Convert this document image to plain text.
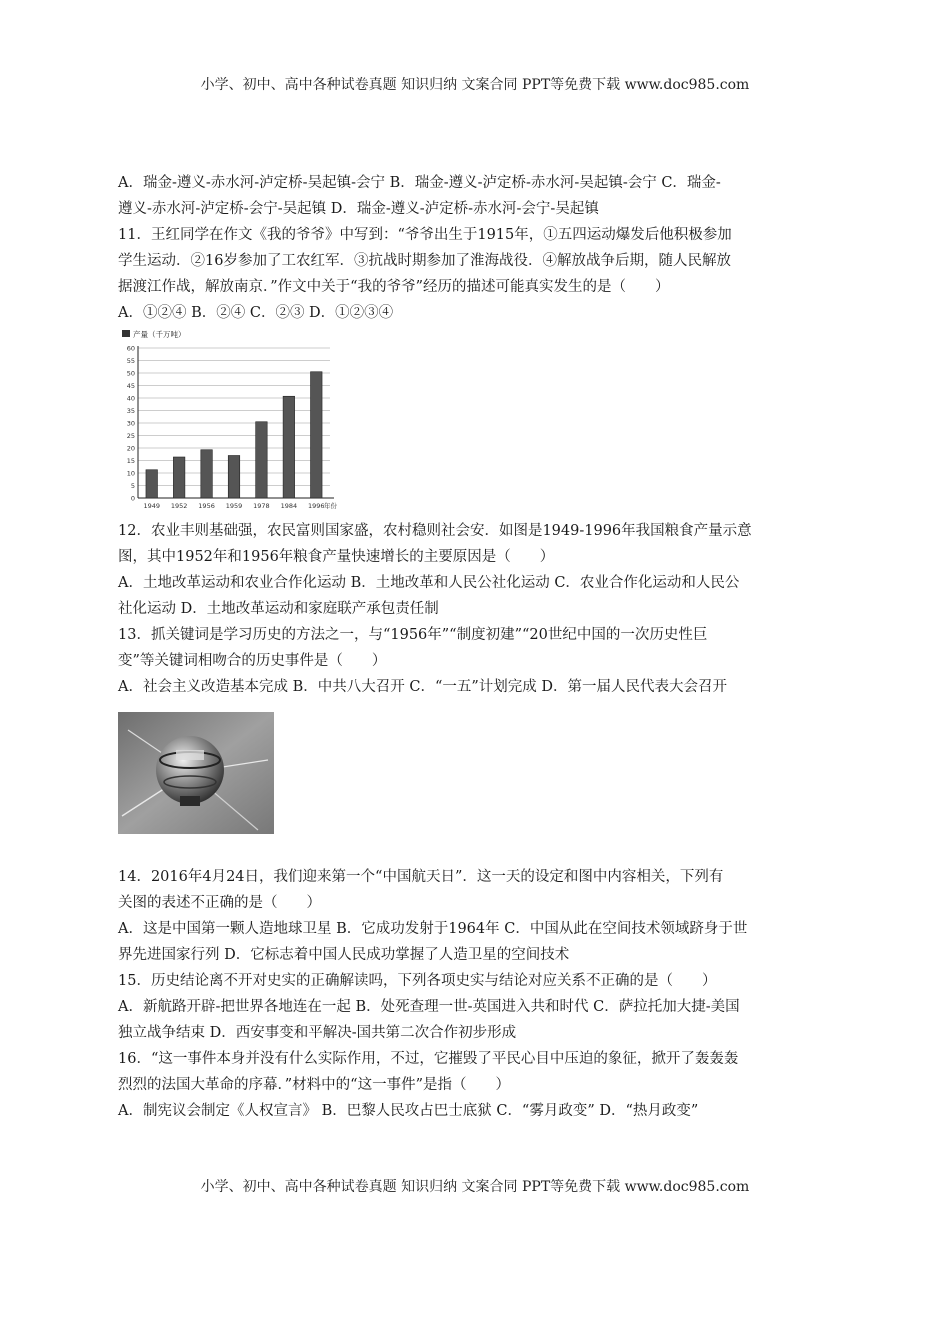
小学、初中、高中各种试卷真题 知识归纳 文案合同 PPT等免费下载 www.doc985.com

A．瑞金-遵义-赤水河-泸定桥-吴起镇-会宁 B．瑞金-遵义-泸定桥-赤水河-吴起镇-会宁 C．瑞金-

遵义-赤水河-泸定桥-会宁-吴起镇 D．瑞金-遵义-泸定桥-赤水河-会宁-吴起镇

11．王红同学在作文《我的爷爷》中写到：“爷爷出生于1915年，①五四运动爆发后他积极参加

学生运动．②16岁参加了工农红军．③抗战时期参加了淮海战役．④解放战争后期，随人民解放

据渡江作战，解放南京．”作文中关于“我的爷爷”经历的描述可能真实发生的是（　　）

A．①②④ B．②④ C．②③ D．①②③④

产量（千万吨）
0
5
10
15
20
25
30
35
40
45
50
55
60
1949 1952 1956 1959 1978 1984 1996 年份

12．农业丰则基础强，农民富则国家盛，农村稳则社会安．如图是1949-1996年我国粮食产量示意

图，其中1952年和1956年粮食产量快速增长的主要原因是（　　）

A．土地改革运动和农业合作化运动 B．土地改革和人民公社化运动 C．农业合作化运动和人民公

社化运动 D．土地改革运动和家庭联产承包责任制

13．抓关键词是学习历史的方法之一，与“1956年”“制度初建”“20世纪中国的一次历史性巨

变”等关键词相吻合的历史事件是（　　）

A．社会主义改造基本完成 B．中共八大召开 C．“一五”计划完成 D．第一届人民代表大会召开

14．2016年4月24日，我们迎来第一个“中国航天日”．这一天的设定和图中内容相关，下列有

关图的表述不正确的是（　　）

A．这是中国第一颗人造地球卫星 B．它成功发射于1964年 C．中国从此在空间技术领域跻身于世

界先进国家行列 D．它标志着中国人民成功掌握了人造卫星的空间技术

15．历史结论离不开对史实的正确解读吗，下列各项史实与结论对应关系不正确的是（　　）

A．新航路开辟-把世界各地连在一起 B．处死查理一世-英国进入共和时代 C．萨拉托加大捷-美国

独立战争结束 D．西安事变和平解决-国共第二次合作初步形成

16．“这一事件本身并没有什么实际作用，不过，它摧毁了平民心目中压迫的象征，掀开了轰轰轰

烈烈的法国大革命的序幕．”材料中的“这一事件”是指（　　）

A．制宪议会制定《人权宣言》 B．巴黎人民攻占巴士底狱 C．“雾月政变” D．“热月政变”

小学、初中、高中各种试卷真题 知识归纳 文案合同 PPT等免费下载 www.doc985.com
